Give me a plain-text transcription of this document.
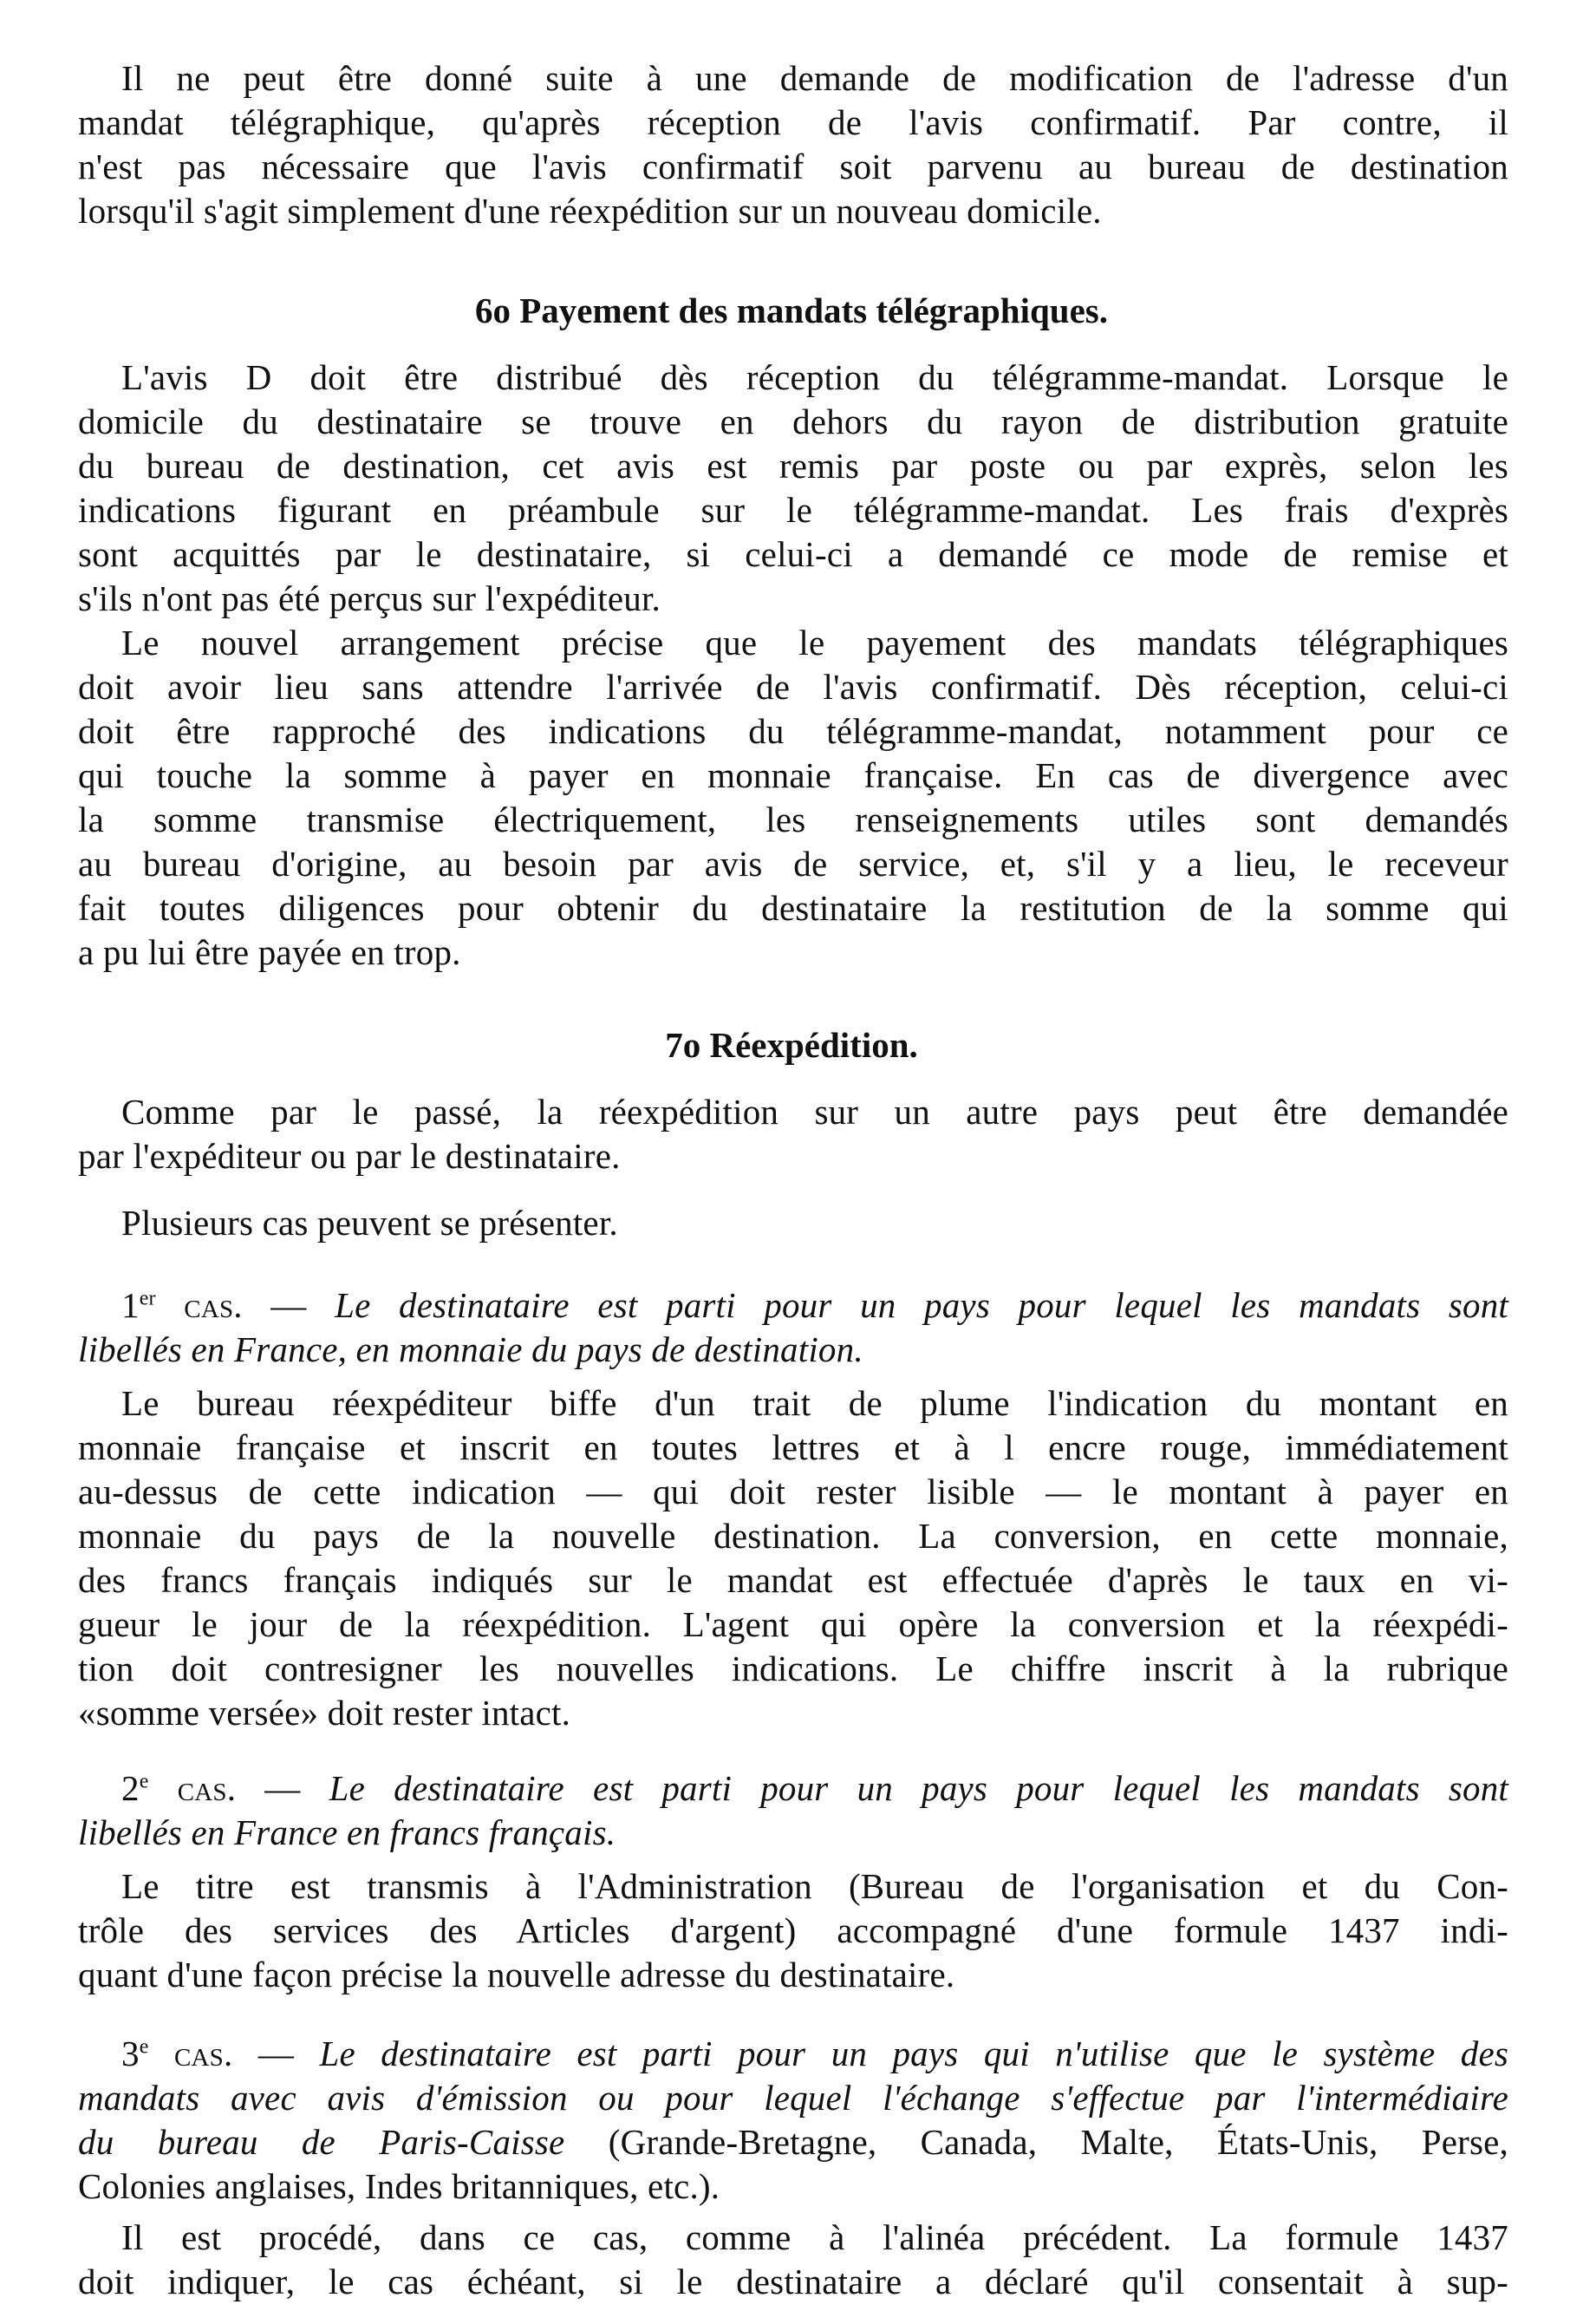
Il ne peut être donné suite à une demande de modification de l'adresse d'un
mandat télégraphique, qu'après réception de l'avis confirmatif. Par contre, il
n'est pas nécessaire que l'avis confirmatif soit parvenu au bureau de destination
lorsqu'il s'agit simplement d'une réexpédition sur un nouveau domicile.
6o Payement des mandats télégraphiques.
L'avis D doit être distribué dès réception du télégramme-mandat. Lorsque le
domicile du destinataire se trouve en dehors du rayon de distribution gratuite
du bureau de destination, cet avis est remis par poste ou par exprès, selon les
indications figurant en préambule sur le télégramme-mandat. Les frais d'exprès
sont acquittés par le destinataire, si celui-ci a demandé ce mode de remise et
s'ils n'ont pas été perçus sur l'expéditeur.
Le nouvel arrangement précise que le payement des mandats télégraphiques
doit avoir lieu sans attendre l'arrivée de l'avis confirmatif. Dès réception, celui-ci
doit être rapproché des indications du télégramme-mandat, notamment pour ce
qui touche la somme à payer en monnaie française. En cas de divergence avec
la somme transmise électriquement, les renseignements utiles sont demandés
au bureau d'origine, au besoin par avis de service, et, s'il y a lieu, le receveur
fait toutes diligences pour obtenir du destinataire la restitution de la somme qui
a pu lui être payée en trop.
7o Réexpédition.
Comme par le passé, la réexpédition sur un autre pays peut être demandée
par l'expéditeur ou par le destinataire.
Plusieurs cas peuvent se présenter.
1er cas. — Le destinataire est parti pour un pays pour lequel les mandats sont
libellés en France, en monnaie du pays de destination.
Le bureau réexpéditeur biffe d'un trait de plume l'indication du montant en
monnaie française et inscrit en toutes lettres et à l encre rouge, immédiatement
au-dessus de cette indication — qui doit rester lisible — le montant à payer en
monnaie du pays de la nouvelle destination. La conversion, en cette monnaie,
des francs français indiqués sur le mandat est effectuée d'après le taux en vi-
gueur le jour de la réexpédition. L'agent qui opère la conversion et la réexpédi-
tion doit contresigner les nouvelles indications. Le chiffre inscrit à la rubrique
«somme versée» doit rester intact.
2e cas. — Le destinataire est parti pour un pays pour lequel les mandats sont
libellés en France en francs français.
Le titre est transmis à l'Administration (Bureau de l'organisation et du Con-
trôle des services des Articles d'argent) accompagné d'une formule 1437 indi-
quant d'une façon précise la nouvelle adresse du destinataire.
3e cas. — Le destinataire est parti pour un pays qui n'utilise que le système des
mandats avec avis d'émission ou pour lequel l'échange s'effectue par l'intermédiaire
du bureau de Paris-Caisse (Grande-Bretagne, Canada, Malte, États-Unis, Perse,
Colonies anglaises, Indes britanniques, etc.).
Il est procédé, dans ce cas, comme à l'alinéa précédent. La formule 1437
doit indiquer, le cas échéant, si le destinataire a déclaré qu'il consentait à sup-
